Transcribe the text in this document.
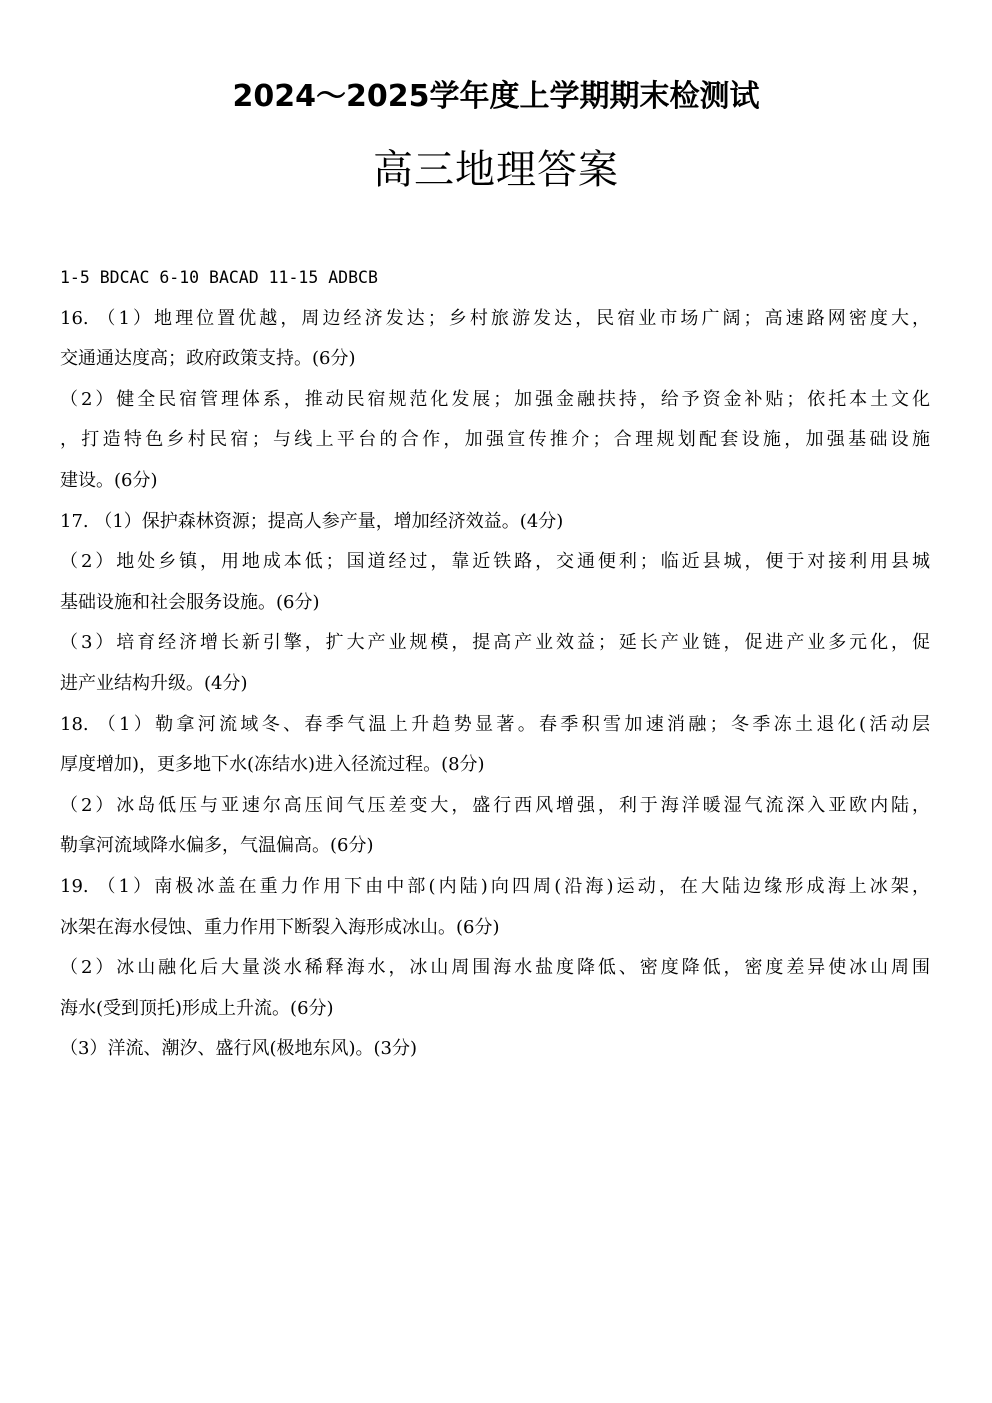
2024～2025学年度上学期期末检测试
高三地理答案
1-5 BDCAC 6-10 BACAD 11-15 ADBCB
16. （1）地理位置优越，周边经济发达；乡村旅游发达，民宿业市场广阔；高速路网密度大，
交通通达度高；政府政策支持。(6分)
（2）健全民宿管理体系，推动民宿规范化发展；加强金融扶持，给予资金补贴；依托本土文化
，打造特色乡村民宿；与线上平台的合作，加强宣传推介；合理规划配套设施，加强基础设施
建设。(6分)
17. （1）保护森林资源；提高人参产量，增加经济效益。(4分)
（2）地处乡镇，用地成本低；国道经过，靠近铁路，交通便利；临近县城，便于对接利用县城
基础设施和社会服务设施。(6分)
（3）培育经济增长新引擎，扩大产业规模，提高产业效益；延长产业链，促进产业多元化，促
进产业结构升级。(4分)
18. （1）勒拿河流域冬、春季气温上升趋势显著。春季积雪加速消融；冬季冻土退化(活动层
厚度增加)，更多地下水(冻结水)进入径流过程。(8分)
（2）冰岛低压与亚速尔高压间气压差变大，盛行西风增强，利于海洋暖湿气流深入亚欧内陆，
勒拿河流域降水偏多，气温偏高。(6分)
19. （1）南极冰盖在重力作用下由中部(内陆)向四周(沿海)运动，在大陆边缘形成海上冰架，
冰架在海水侵蚀、重力作用下断裂入海形成冰山。(6分)
（2）冰山融化后大量淡水稀释海水，冰山周围海水盐度降低、密度降低，密度差异使冰山周围
海水(受到顶托)形成上升流。(6分)
（3）洋流、潮汐、盛行风(极地东风)。(3分)
